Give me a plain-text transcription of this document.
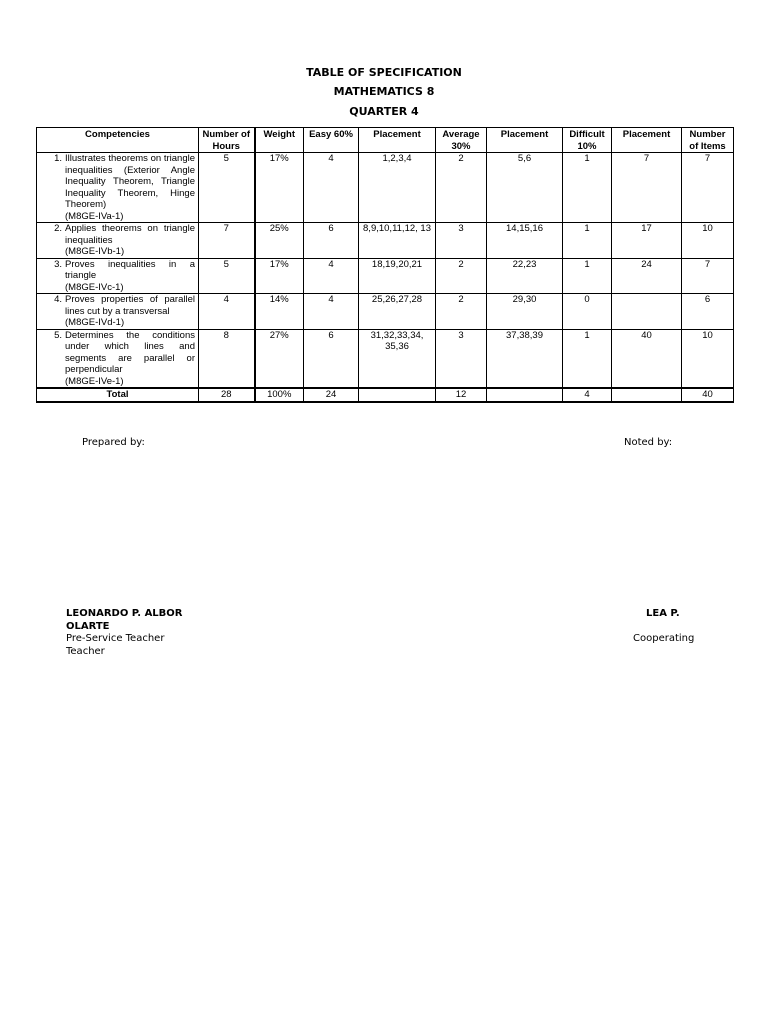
TABLE OF SPECIFICATION
MATHEMATICS 8
QUARTER 4
Competencies	Number of Hours	Weight	Easy 60%	Placement	Average 30%	Placement	Difficult 10%	Placement	Number of Items

1. Illustrates theorems on triangle inequalities (Exterior Angle Inequality Theorem, Triangle Inequality Theorem, Hinge Theorem)
(M8GE-IVa-1)	5	17%	4	1,2,3,4	2	5,6	1	7	7

2. Applies theorems on triangle inequalities
(M8GE-IVb-1)	7	25%	6	8,9,10,11,12, 13	3	14,15,16	1	17	10

3. Proves inequalities in a triangle
(M8GE-IVc-1)	5	17%	4	18,19,20,21	2	22,23	1	24	7

4. Proves properties of parallel lines cut by a transversal
(M8GE-IVd-1)	4	14%	4	25,26,27,28	2	29,30	0		6

5. Determines the conditions under which lines and segments are parallel or perpendicular
(M8GE-IVe-1)	8	27%	6	31,32,33,34, 35,36	3	37,38,39	1	40	10
Total	28	100%	24		12		4		40
Prepared by:	Noted by:
LEONARDO P. ALBOR
OLARTE
Pre-Service Teacher
Teacher
LEA P.
Cooperating
